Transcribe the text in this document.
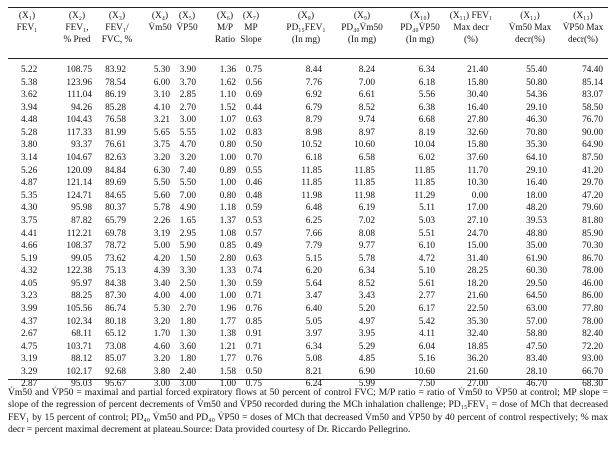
(X₁)
FEV₁
(X₂)
FEV₁,
% Pred
(X₃)
FEV₁/
FVC, %
(X₄)
V̇m50
(X₅)
V̇P50
(X₆)
M/P
Ratio
(X₇)
MP
Slope
(X₈)
PD₁₅FEV₁
(In mg)
(X₉)
PD₄₀V̇m50
(In mg)
(X₁₀)
PD₄₀V̇P50
(In mg)
(X₁₁) FEV₁
Max decr
(%)
(X₁₂)
V̇m50 Max
decr(%)
(X₁₃)
V̇P50 Max
decr(%)
5.22
5.38
3.62
3.94
4.48
5.28
3.80
3.14
5.26
4.87
5.35
4.30
3.75
4.41
4.66
5.19
4.32
4.05
3.23
3.99
4.37
2.67
4.75
3.19
3.29
2.87
108.75
123.96
111.04
94.26
104.43
117.33
93.37
104.67
120.09
121.14
124.71
95.98
87.82
112.21
108.37
99.05
122.38
95.97
88.25
105.56
102.34
68.11
103.71
88.12
102.17
95.03
83.92
78.54
86.19
85.28
76.58
81.99
76.61
82.63
84.84
89.69
84.65
80.37
65.79
69.78
78.72
73.62
75.13
84.38
87.30
86.74
80.18
65.12
73.08
85.07
92.68
95.67
5.30
6.00
3.10
4.10
3.21
5.65
3.75
3.20
6.30
5.50
5.60
5.78
2.26
3.19
5.00
4.20
4.39
3.40
4.00
5.30
3.20
1.70
4.60
3.20
3.80
3.00
3.90
3.70
2.85
2.70
3.00
5.55
4.70
3.20
7.40
5.50
7.00
4.90
1.65
2.95
5.90
1.50
3.30
2.50
4.00
2.70
1.80
1.30
3.60
1.80
2.40
3.00
1.36
1.62
1.10
1.52
1.07
1.02
0.80
1.00
0.89
1.00
0.80
1.18
1.37
1.08
0.85
2.80
1.33
1.30
1.00
1.96
1.77
1.38
1.21
1.77
1.58
1.00
0.75
0.56
0.69
0.44
0.63
0.83
0.50
0.70
0.55
0.46
0.48
0.59
0.53
0.57
0.49
0.63
0.74
0.59
0.71
0.76
0.85
0.91
0.71
0.76
0.50
0.75
8.44
7.76
6.92
6.79
8.79
8.98
10.52
6.18
11.85
11.85
11.98
6.48
6.25
7.66
7.79
5.15
6.20
5.64
3.47
6.40
5.05
3.97
6.34
5.08
8.21
6.24
8.24
7.00
6.61
8.52
9.74
8.97
10.60
6.58
11.85
11.85
11.98
6.19
7.02
8.08
9.77
5.78
6.34
8.52
3.43
5.20
4.97
3.95
5.29
4.85
6.90
5.99
6.34
6.18
5.56
6.38
6.68
8.19
10.04
6.02
11.85
11.85
11.29
5.11
5.03
5.51
6.10
4.72
5.10
5.61
2.77
6.17
5.42
4.11
6.04
5.16
10.60
7.50
21.40
15.80
30.40
16.40
27.80
32.60
15.80
37.60
11.70
10.30
0.00
17.00
27.10
24.70
15.00
31.40
28.25
18.20
21.60
22.50
35.30
32.40
18.85
36.20
21.60
27.00
55.40
50.80
54.36
29.10
46.30
70.80
35.30
64.10
29.10
16.40
18.00
48.20
39.53
48.80
35.00
61.90
60.30
29.50
64.50
63.00
57.00
58.80
47.50
83.40
28.10
46.70
74.40
85.14
83.07
58.50
76.70
90.00
64.90
87.50
41.20
29.70
47.20
79.60
81.80
85.90
70.30
86.70
78.00
46.00
86.00
77.80
78.00
82.40
72.20
93.00
66.70
68.30
V̇m50 and V̇P50 = maximal and partial forced expiratory flows at 50 percent of control FVC; M/P ratio = ratio of V̇m50 to V̇P50 at control; MP slope = slope of the regression of percent decrements of V̇m50 and V̇P50 recorded during the MCh inhalation challenge; PD₁₅FEV₁ = dose of MCh that decreased FEV₁ by 15 percent of control; PD₄₀ V̇m50 and PD₄₀ V̇P50 = doses of MCh that decreased V̇m50 and V̇P50 by 40 percent of control respectively; % max decr = percent maximal decrement at plateau.Source: Data provided courtesy of Dr. Riccardo Pellegrino.
